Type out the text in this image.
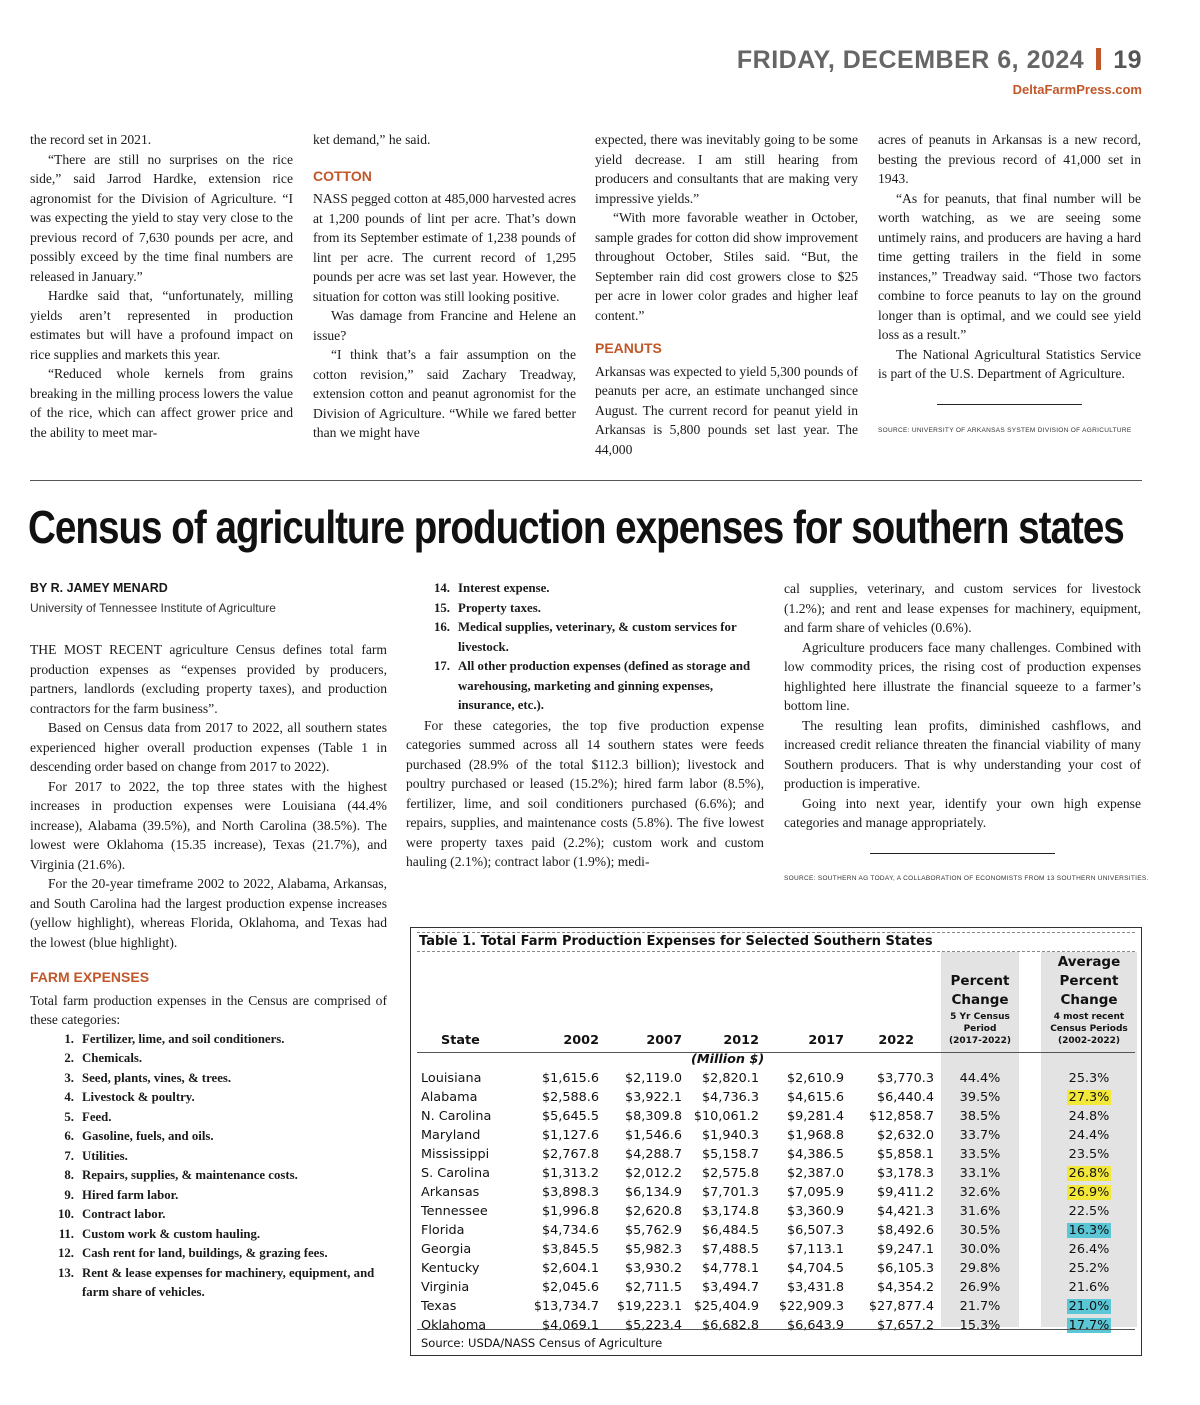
FRIDAY, DECEMBER 6, 2024 19
DeltaFarmPress.com

the record set in 2021.

“There are still no surprises on the rice side,” said Jarrod Hardke, extension rice agronomist for the Division of Agriculture. “I was expecting the yield to stay very close to the previous record of 7,630 pounds per acre, and possibly exceed by the time final numbers are released in January.”

Hardke said that, “unfortunately, milling yields aren’t represented in production estimates but will have a profound impact on rice supplies and markets this year.

“Reduced whole kernels from grains breaking in the milling process lowers the value of the rice, which can affect grower price and the ability to meet mar-

ket demand,” he said.

COTTON

NASS pegged cotton at 485,000 harvested acres at 1,200 pounds of lint per acre. That’s down from its September estimate of 1,238 pounds of lint per acre. The current record of 1,295 pounds per acre was set last year. However, the situation for cotton was still looking positive.

Was damage from Francine and Helene an issue?

“I think that’s a fair assumption on the cotton revision,” said Zachary Treadway, extension cotton and peanut agronomist for the Division of Agriculture. “While we fared better than we might have

expected, there was inevitably going to be some yield decrease. I am still hearing from producers and consultants that are making very impressive yields.”

“With more favorable weather in October, sample grades for cotton did show improvement throughout October, Stiles said. “But, the September rain did cost growers close to $25 per acre in lower color grades and higher leaf content.”

PEANUTS

Arkansas was expected to yield 5,300 pounds of peanuts per acre, an estimate unchanged since August. The current record for peanut yield in Arkansas is 5,800 pounds set last year. The 44,000

acres of peanuts in Arkansas is a new record, besting the previous record of 41,000 set in 1943.

“As for peanuts, that final number will be worth watching, as we are seeing some untimely rains, and producers are having a hard time getting trailers in the field in some instances,” Treadway said. “Those two factors combine to force peanuts to lay on the ground longer than is optimal, and we could see yield loss as a result.”

The National Agricultural Statistics Service is part of the U.S. Department of Agriculture.

SOURCE: UNIVERSITY OF ARKANSAS SYSTEM DIVISION OF AGRICULTURE
Census of agriculture production expenses for southern states
BY R. JAMEY MENARD
University of Tennessee Institute of Agriculture

THE MOST RECENT agriculture Census defines total farm production expenses as “expenses provided by producers, partners, landlords (excluding property taxes), and production contractors for the farm business”.

Based on Census data from 2017 to 2022, all southern states experienced higher overall production expenses (Table 1 in descending order based on change from 2017 to 2022).

For 2017 to 2022, the top three states with the highest increases in production expenses were Louisiana (44.4% increase), Alabama (39.5%), and North Carolina (38.5%). The lowest were Oklahoma (15.35 increase), Texas (21.7%), and Virginia (21.6%).

For the 20-year timeframe 2002 to 2022, Alabama, Arkansas, and South Carolina had the largest production expense increases (yellow highlight), whereas Florida, Oklahoma, and Texas had the lowest (blue highlight).

FARM EXPENSES

Total farm production expenses in the Census are comprised of these categories:

1. Fertilizer, lime, and soil conditioners.
2. Chemicals.
3. Seed, plants, vines, & trees.
4. Livestock & poultry.
5. Feed.
6. Gasoline, fuels, and oils.
7. Utilities.
8. Repairs, supplies, & maintenance costs.
9. Hired farm labor.
10. Contract labor.
11. Custom work & custom hauling.
12. Cash rent for land, buildings, & grazing fees.
13. Rent & lease expenses for machinery, equipment, and farm share of vehicles.
14. Interest expense.
15. Property taxes.
16. Medical supplies, veterinary, & custom services for livestock.
17. All other production expenses (defined as storage and warehousing, marketing and ginning expenses, insurance, etc.).

For these categories, the top five production expense categories summed across all 14 southern states were feeds purchased (28.9% of the total $112.3 billion); livestock and poultry purchased or leased (15.2%); hired farm labor (8.5%), fertilizer, lime, and soil conditioners purchased (6.6%); and repairs, supplies, and maintenance costs (5.8%). The five lowest were property taxes paid (2.2%); custom work and custom hauling (2.1%); contract labor (1.9%); medi-

cal supplies, veterinary, and custom services for livestock (1.2%); and rent and lease expenses for machinery, equipment, and farm share of vehicles (0.6%).

Agriculture producers face many challenges. Combined with low commodity prices, the rising cost of production expenses highlighted here illustrate the financial squeeze to a farmer’s bottom line.

The resulting lean profits, diminished cashflows, and increased credit reliance threaten the financial viability of many Southern producers. That is why understanding your cost of production is imperative.

Going into next year, identify your own high expense categories and manage appropriately.

SOURCE: SOUTHERN AG TODAY, A COLLABORATION OF ECONOMISTS FROM 13 SOUTHERN UNIVERSITIES.
Table 1. Total Farm Production Expenses for Selected Southern States
Percent
Change
5 Yr Census
Period
(2017-2022)
Average
Percent
Change
4 most recent
Census Periods
(2002-2022)
State	2002	2007	2012	2017	2022
(Million $)
Louisiana	$1,615.6	$2,119.0	$2,820.1	$2,610.9	$3,770.3	44.4%	25.3%
Alabama	$2,588.6	$3,922.1	$4,736.3	$4,615.6	$6,440.4	39.5%	27.3%
N. Carolina	$5,645.5	$8,309.8 $10,061.2	$9,281.4	$12,858.7	38.5%	24.8%
Maryland	$1,127.6	$1,546.6	$1,940.3	$1,968.8	$2,632.0	33.7%	24.4%
Mississippi	$2,767.8	$4,288.7	$5,158.7	$4,386.5	$5,858.1	33.5%	23.5%
S. Carolina	$1,313.2	$2,012.2	$2,575.8	$2,387.0	$3,178.3	33.1%	26.8%
Arkansas	$3,898.3	$6,134.9	$7,701.3	$7,095.9	$9,411.2	32.6%	26.9%
Tennessee	$1,996.8	$2,620.8	$3,174.8	$3,360.9	$4,421.3	31.6%	22.5%
Florida	$4,734.6	$5,762.9	$6,484.5	$6,507.3	$8,492.6	30.5%	16.3%
Georgia	$3,845.5	$5,982.3	$7,488.5	$7,113.1	$9,247.1	30.0%	26.4%
Kentucky	$2,604.1	$3,930.2	$4,778.1	$4,704.5	$6,105.3	29.8%	25.2%
Virginia	$2,045.6	$2,711.5	$3,494.7	$3,431.8	$4,354.2	26.9%	21.6%
Texas	$13,734.7	$19,223.1 $25,404.9	$22,909.3	$27,877.4	21.7%	21.0%
Oklahoma	$4,069.1	$5,223.4	$6,682.8	$6,643.9	$7,657.2	15.3%	17.7%
Source: USDA/NASS Census of Agriculture
